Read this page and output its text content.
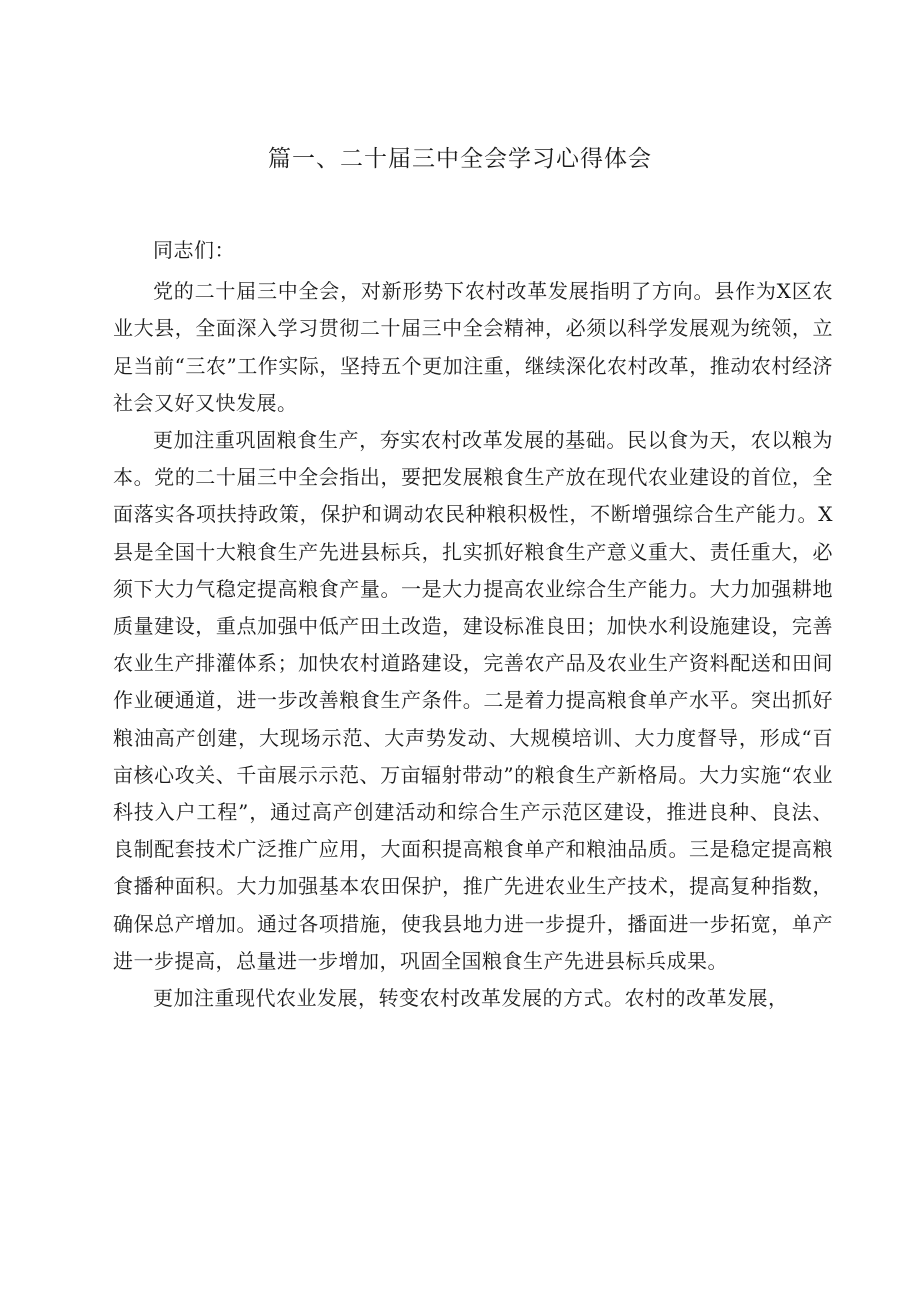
篇一、二十届三中全会学习心得体会

同志们：

党的二十届三中全会，对新形势下农村改革发展指明了方向。县作为X区农业大县，全面深入学习贯彻二十届三中全会精神，必须以科学发展观为统领，立足当前“三农”工作实际，坚持五个更加注重，继续深化农村改革，推动农村经济社会又好又快发展。

更加注重巩固粮食生产，夯实农村改革发展的基础。民以食为天，农以粮为本。党的二十届三中全会指出，要把发展粮食生产放在现代农业建设的首位，全面落实各项扶持政策，保护和调动农民种粮积极性，不断增强综合生产能力。X县是全国十大粮食生产先进县标兵，扎实抓好粮食生产意义重大、责任重大，必须下大力气稳定提高粮食产量。一是大力提高农业综合生产能力。大力加强耕地质量建设，重点加强中低产田土改造，建设标准良田；加快水利设施建设，完善农业生产排灌体系；加快农村道路建设，完善农产品及农业生产资料配送和田间作业硬通道，进一步改善粮食生产条件。二是着力提高粮食单产水平。突出抓好粮油高产创建，大现场示范、大声势发动、大规模培训、大力度督导，形成“百亩核心攻关、千亩展示示范、万亩辐射带动”的粮食生产新格局。大力实施“农业科技入户工程”，通过高产创建活动和综合生产示范区建设，推进良种、良法、良制配套技术广泛推广应用，大面积提高粮食单产和粮油品质。三是稳定提高粮食播种面积。大力加强基本农田保护，推广先进农业生产技术，提高复种指数，确保总产增加。通过各项措施，使我县地力进一步提升，播面进一步拓宽，单产进一步提高，总量进一步增加，巩固全国粮食生产先进县标兵成果。

更加注重现代农业发展，转变农村改革发展的方式。农村的改革发展，
